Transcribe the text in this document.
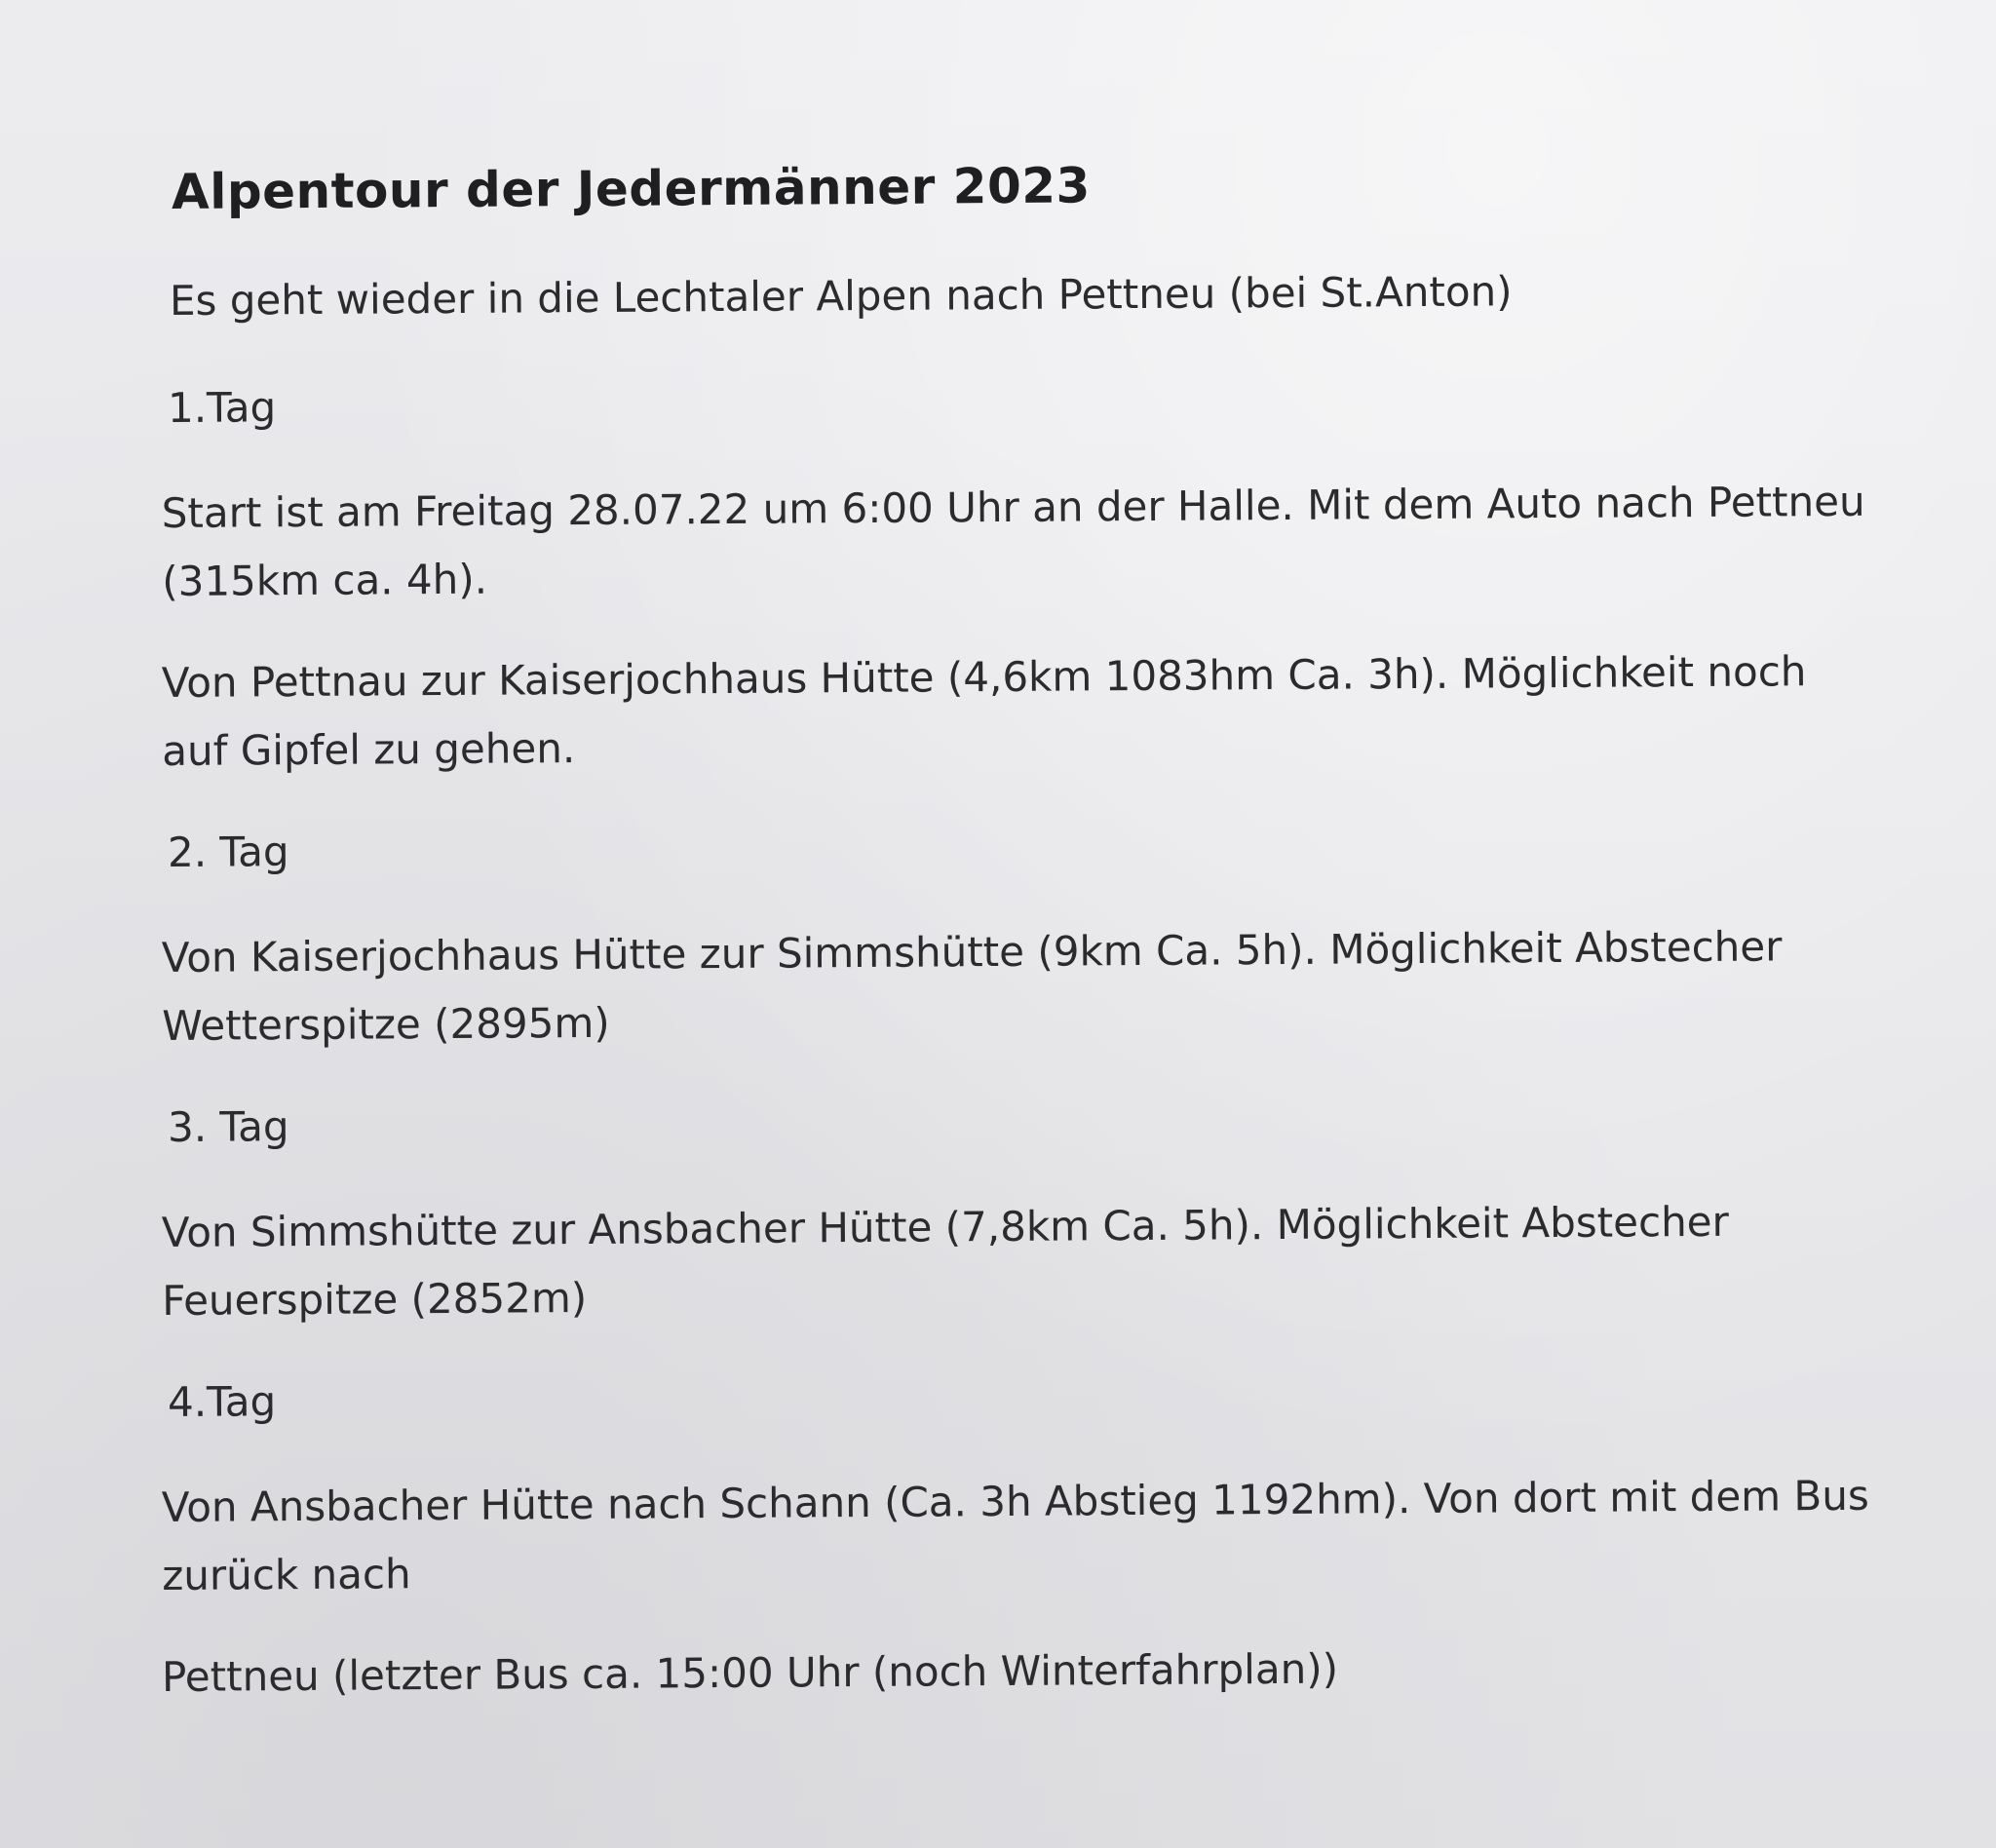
Alpentour der Jedermänner 2023

Es geht wieder in die Lechtaler Alpen nach Pettneu (bei St.Anton)

1.Tag

Start ist am Freitag 28.07.22 um 6:00 Uhr an der Halle. Mit dem Auto nach Pettneu (315km ca. 4h).

Von Pettnau zur Kaiserjochhaus Hütte (4,6km 1083hm Ca. 3h). Möglichkeit noch auf Gipfel zu gehen.

2. Tag

Von Kaiserjochhaus Hütte zur Simmshütte (9km Ca. 5h). Möglichkeit Abstecher Wetterspitze (2895m)

3. Tag

Von Simmshütte zur Ansbacher Hütte (7,8km Ca. 5h). Möglichkeit Abstecher Feuerspitze (2852m)

4.Tag

Von Ansbacher Hütte nach Schann (Ca. 3h Abstieg 1192hm). Von dort mit dem Bus zurück nach

Pettneu (letzter Bus ca. 15:00 Uhr (noch Winterfahrplan))
